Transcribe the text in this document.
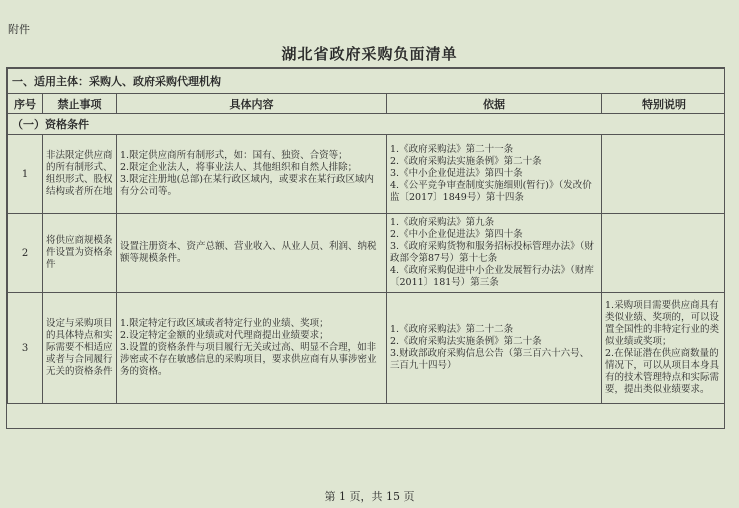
附件
湖北省政府采购负面清单
一、适用主体：采购人、政府采购代理机构				
序号	禁止事项	具体内容	依据	特别说明
（一）资格条件				
1	非法限定供应商的所有制形式、组织形式、股权结构或者所在地	1.限定供应商所有制形式，如：国有、独资、合资等；
2.限定企业法人，将事业法人、其他组织和自然人排除；
3.限定注册地(总部)在某行政区域内，或要求在某行政区域内有分公司等。	1.《政府采购法》第二十一条
2.《政府采购法实施条例》第二十条
3.《中小企业促进法》第四十条
4.《公平竞争审查制度实施细则(暂行)》（发改价监〔2017〕1849号）第十四条	

2	将供应商规模条件设置为资格条件	设置注册资本、资产总额、营业收入、从业人员、利润、纳税额等规模条件。	1.《政府采购法》第九条
2.《中小企业促进法》第四十条
3.《政府采购货物和服务招标投标管理办法》（财政部令第87号）第十七条
4.《政府采购促进中小企业发展暂行办法》（财库〔2011〕181号）第三条	

3	设定与采购项目的具体特点和实际需要不相适应或者与合同履行无关的资格条件	1.限定特定行政区域或者特定行业的业绩、奖项；
2.设定特定金额的业绩或对代理商提出业绩要求；
3.设置的资格条件与项目履行无关或过高、明显不合理，如非涉密或不存在敏感信息的采购项目，要求供应商有从事涉密业务的资格。	1.《政府采购法》第二十二条
2.《政府采购法实施条例》第二十条
3.财政部政府采购信息公告（第三百六十六号、三百九十四号）	1.采购项目需要供应商具有类似业绩、奖项的，可以设置全国性的非特定行业的类似业绩或奖项；
2.在保证潜在供应商数量的情况下，可以从项目本身具有的技术管理特点和实际需要，提出类似业绩要求。
第 1 页，共 15 页
